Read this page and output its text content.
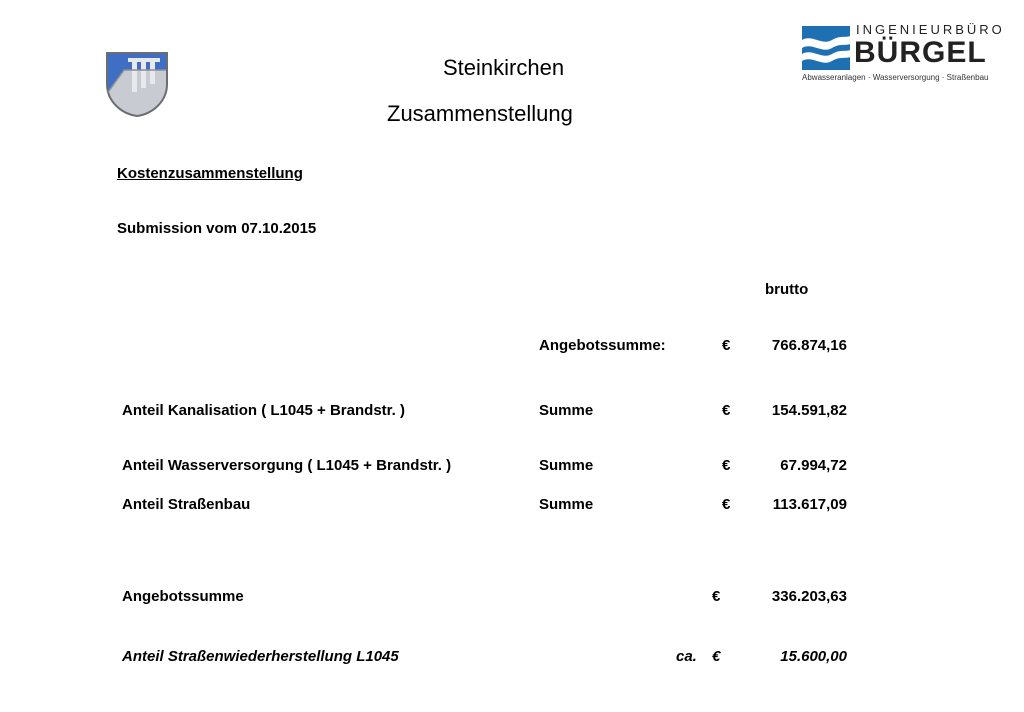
INGENIEURBÜRO
BÜRGEL
Abwasseranlagen · Wasserversorgung · Straßenbau
Steinkirchen
Zusammenstellung
Kostenzusammenstellung
Submission vom 07.10.2015
brutto
Angebotssumme:	€	766.874,16
Anteil Kanalisation ( L1045 + Brandstr. )	Summe	€	154.591,82
Anteil Wasserversorgung ( L1045 + Brandstr. )	Summe	€	67.994,72
Anteil Straßenbau	Summe	€	113.617,09
Angebotssumme	€	336.203,63
Anteil Straßenwiederherstellung L1045	ca. €	15.600,00
